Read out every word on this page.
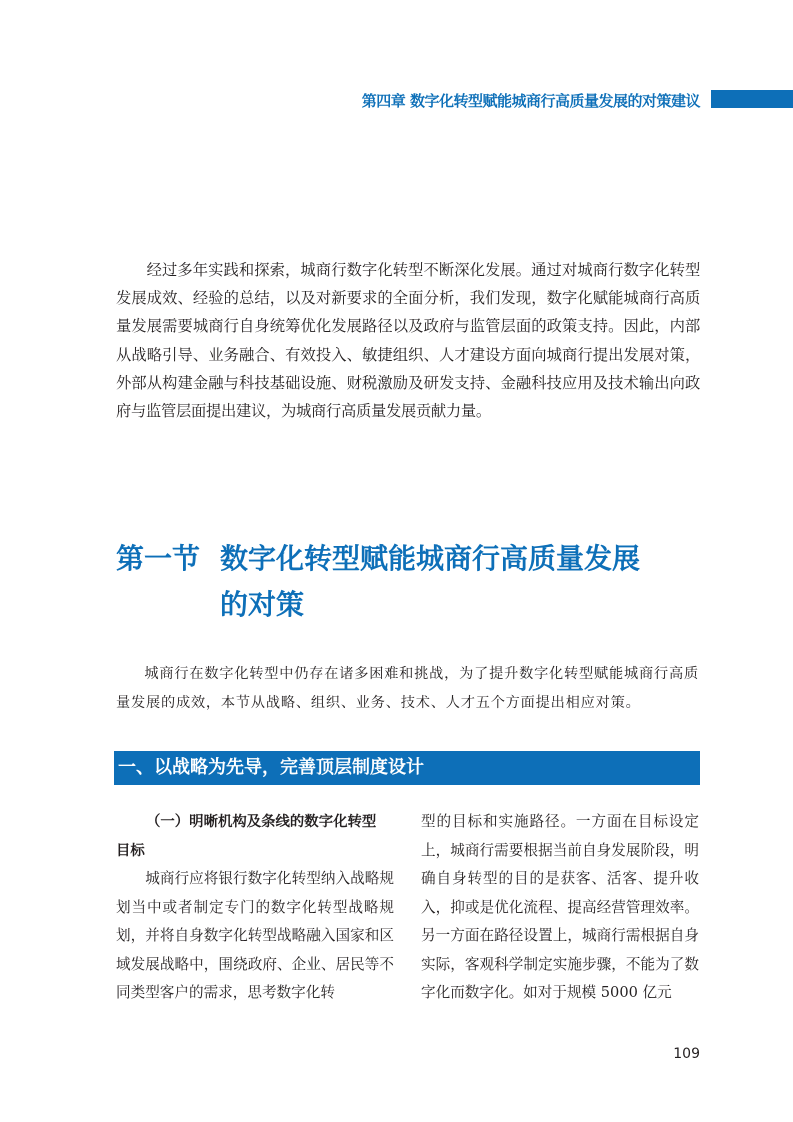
第四章 数字化转型赋能城商行高质量发展的对策建议

经过多年实践和探索，城商行数字化转型不断深化发展。通过对城商行数字化转型发展成效、经验的总结，以及对新要求的全面分析，我们发现，数字化赋能城商行高质量发展需要城商行自身统筹优化发展路径以及政府与监管层面的政策支持。因此，内部从战略引导、业务融合、有效投入、敏捷组织、人才建设方面向城商行提出发展对策，外部从构建金融与科技基础设施、财税激励及研发支持、金融科技应用及技术输出向政府与监管层面提出建议，为城商行高质量发展贡献力量。

第一节 数字化转型赋能城商行高质量发展
的对策

城商行在数字化转型中仍存在诸多困难和挑战，为了提升数字化转型赋能城商行高质量发展的成效，本节从战略、组织、业务、技术、人才五个方面提出相应对策。

一、以战略为先导，完善顶层制度设计

（一）明晰机构及条线的数字化转型
目标

城商行应将银行数字化转型纳入战略规划当中或者制定专门的数字化转型战略规划，并将自身数字化转型战略融入国家和区域发展战略中，围绕政府、企业、居民等不同类型客户的需求，思考数字化转

型的目标和实施路径。一方面在目标设定上，城商行需要根据当前自身发展阶段，明确自身转型的目的是获客、活客、提升收入，抑或是优化流程、提高经营管理效率。另一方面在路径设置上，城商行需根据自身实际，客观科学制定实施步骤，不能为了数字化而数字化。如对于规模 5000 亿元

109
